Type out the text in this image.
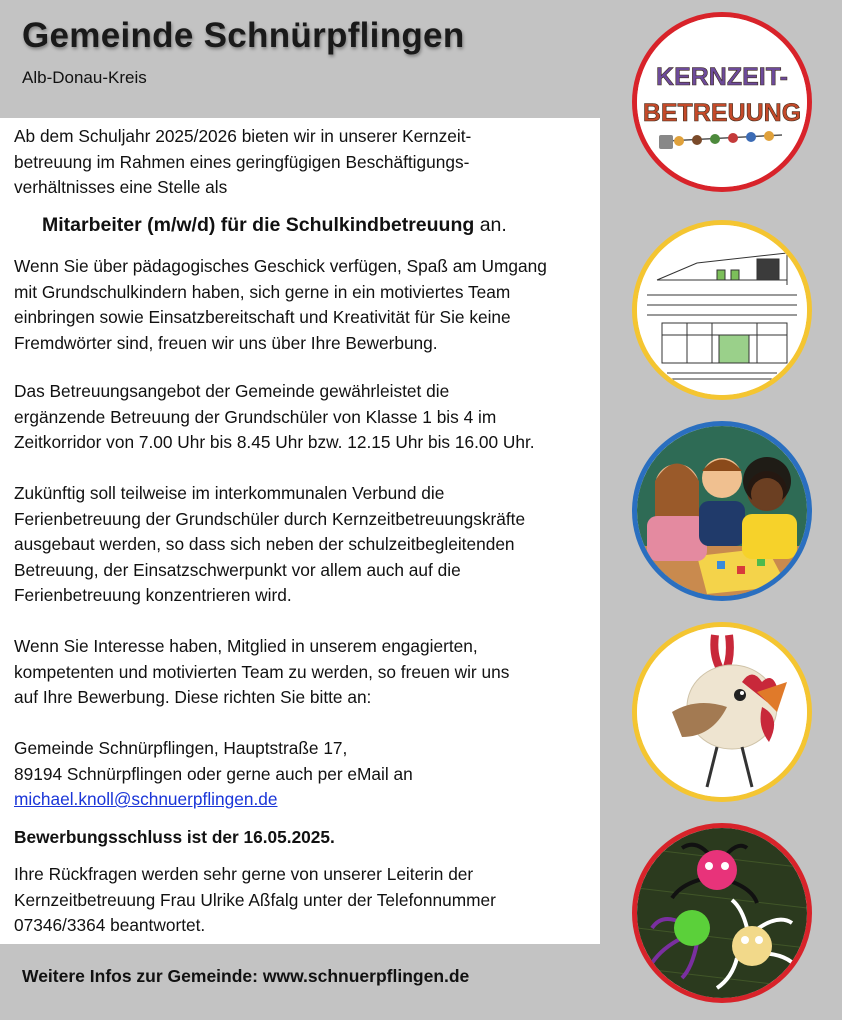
Gemeinde Schnürpflingen
Alb-Donau-Kreis
Ab dem Schuljahr 2025/2026 bieten wir in unserer Kernzeit-
betreuung im Rahmen eines geringfügigen Beschäftigungs-
verhältnisses eine Stelle als
Mitarbeiter (m/w/d) für die Schulkindbetreuung an.
Wenn Sie über pädagogisches Geschick verfügen, Spaß am Umgang
mit Grundschulkindern haben, sich gerne in ein motiviertes Team
einbringen sowie Einsatzbereitschaft und Kreativität für Sie keine
Fremdwörter sind, freuen wir uns über Ihre Bewerbung.
Das Betreuungsangebot der Gemeinde gewährleistet die
ergänzende Betreuung der Grundschüler von Klasse 1 bis 4 im
Zeitkorridor von 7.00 Uhr bis 8.45 Uhr bzw. 12.15 Uhr bis 16.00 Uhr.
Zukünftig soll teilweise im interkommunalen Verbund die
Ferienbetreuung der Grundschüler durch Kernzeitbetreuungskräfte
ausgebaut werden, so dass sich neben der schulzeitbegleitenden
Betreuung, der Einsatzschwerpunkt vor allem auch auf die
Ferienbetreuung konzentrieren wird.
Wenn Sie Interesse haben, Mitglied in unserem engagierten,
kompetenten und motivierten Team zu werden, so freuen wir uns
auf Ihre Bewerbung. Diese richten Sie bitte an:
Gemeinde Schnürpflingen, Hauptstraße 17,
89194 Schnürpflingen oder gerne auch per eMail an
michael.knoll@schnuerpflingen.de
Bewerbungsschluss ist der 16.05.2025.
Ihre Rückfragen werden sehr gerne von unserer Leiterin der
Kernzeitbetreuung Frau Ulrike Aßfalg unter der Telefonnummer
07346/3364 beantwortet.
Weitere Infos zur Gemeinde: www.schnuerpflingen.de
KERNZEIT-
BETREUUNG
